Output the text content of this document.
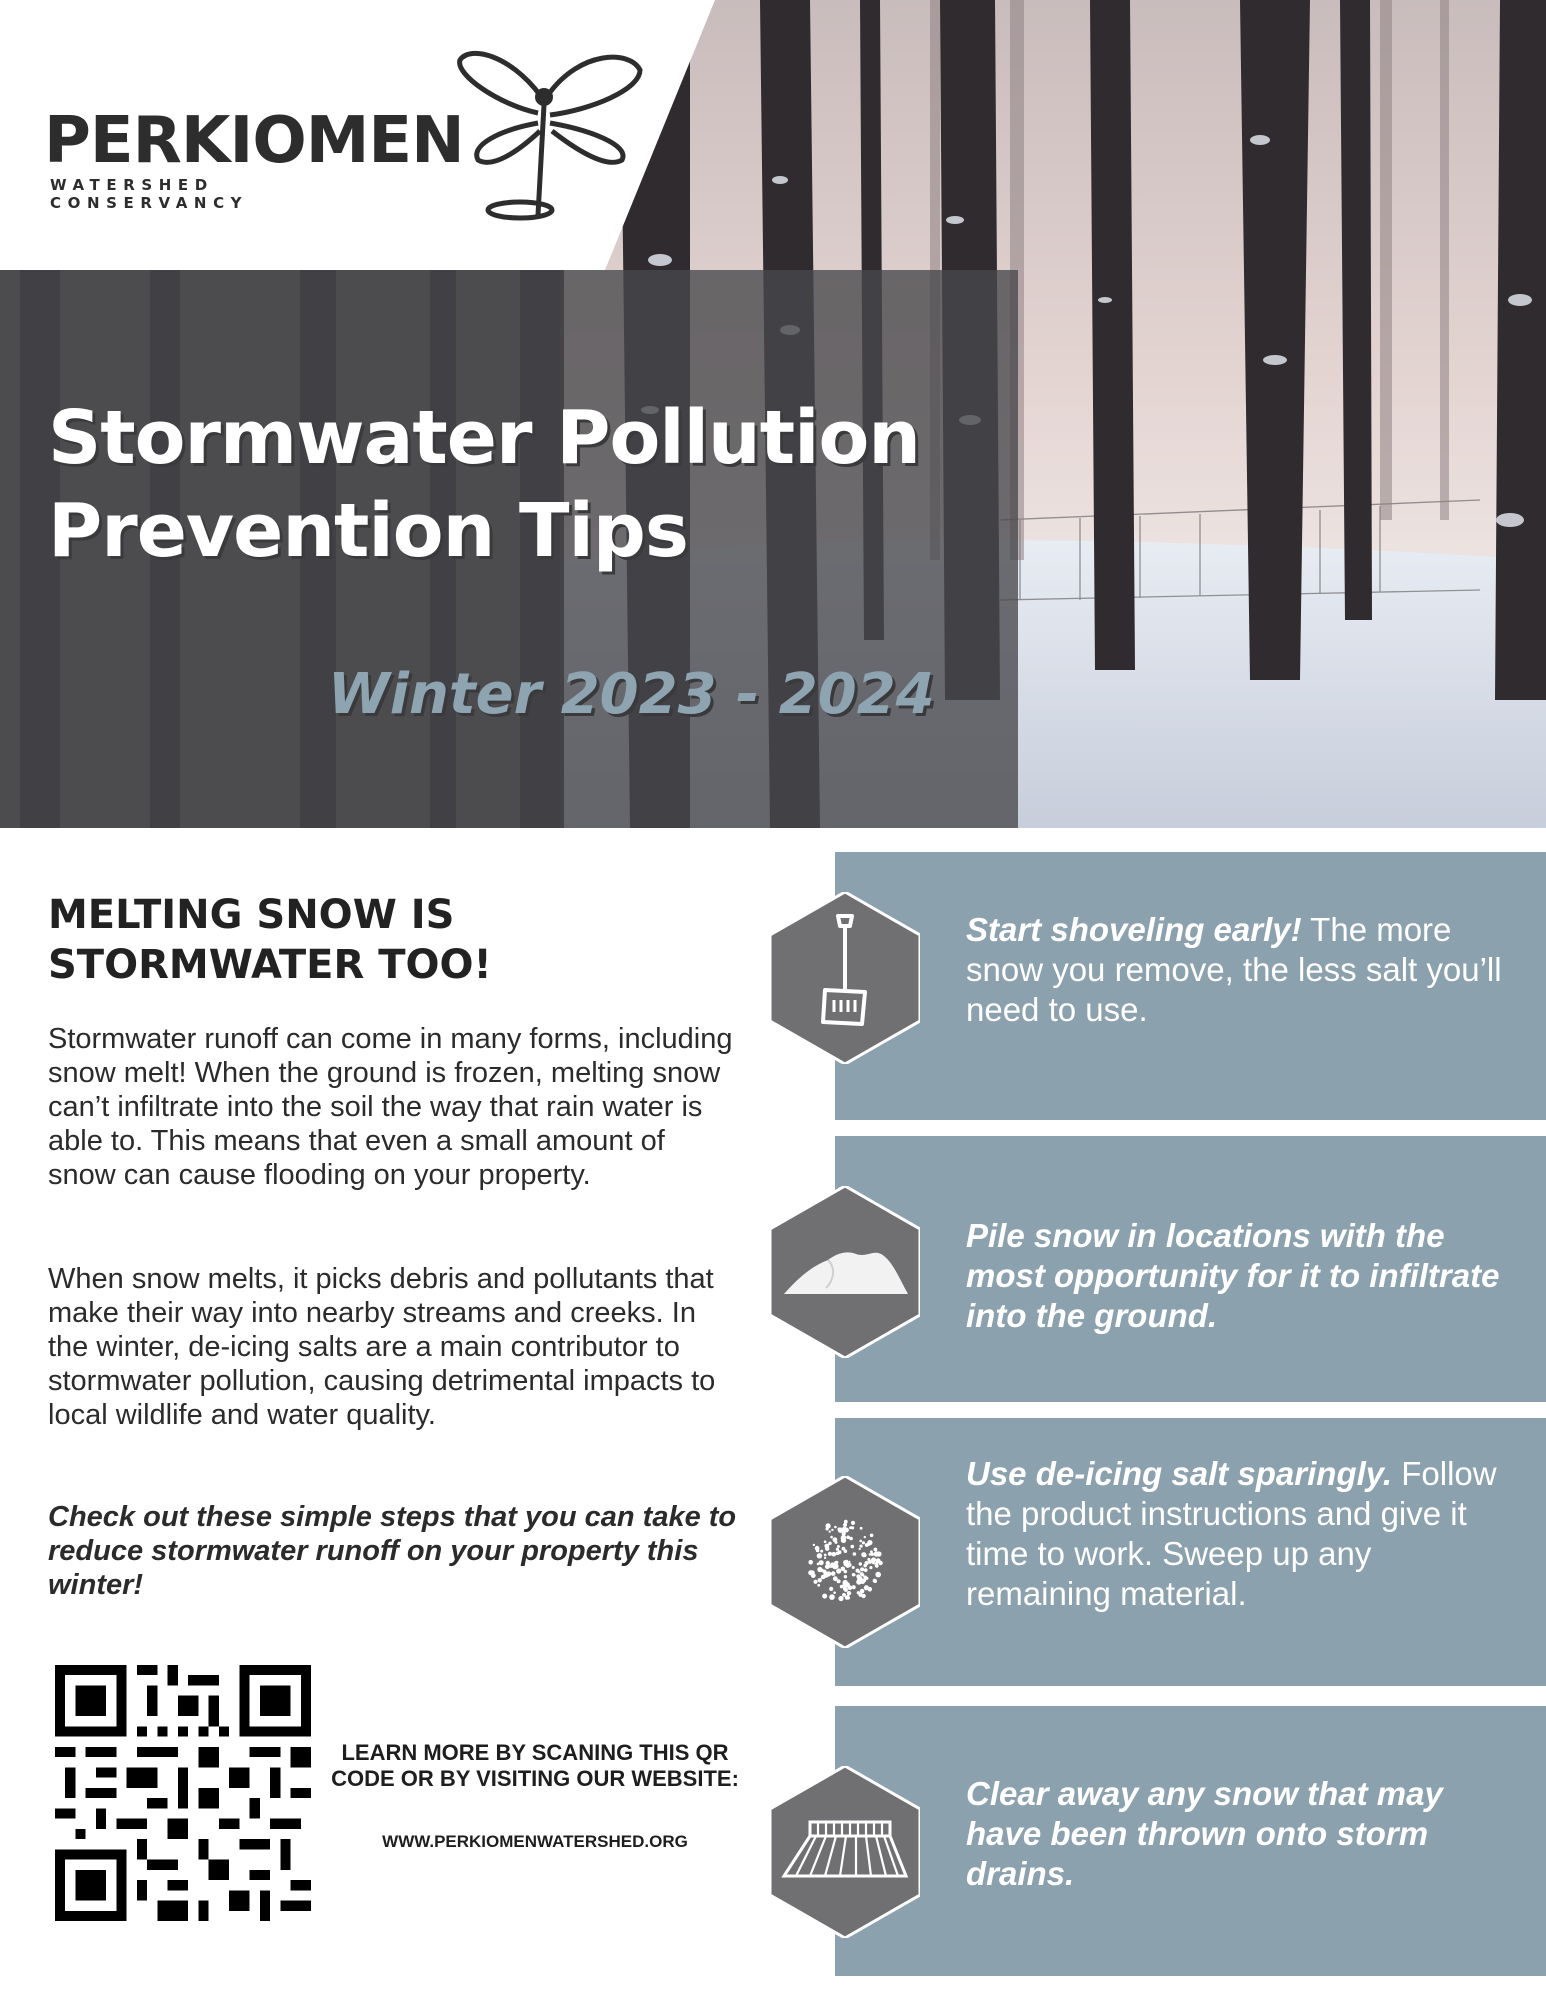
PERKIOMEN
WATERSHED CONSERVANCY
Stormwater Pollution
Prevention Tips
Winter 2023 - 2024
MELTING SNOW IS STORMWATER TOO!
Stormwater runoff can come in many forms, including snow melt! When the ground is frozen, melting snow can’t infiltrate into the soil the way that rain water is able to. This means that even a small amount of snow can cause flooding on your property.
When snow melts, it picks debris and pollutants that make their way into nearby streams and creeks. In the winter, de-icing salts are a main contributor to stormwater pollution, causing detrimental impacts to local wildlife and water quality.
Check out these simple steps that you can take to reduce stormwater runoff on your property this winter!
LEARN MORE BY SCANING THIS QR CODE OR BY VISITING OUR WEBSITE:
WWW.PERKIOMENWATERSHED.ORG
Start shoveling early! The more snow you remove, the less salt you’ll need to use.
Pile snow in locations with the most opportunity for it to infiltrate into the ground.
Use de-icing salt sparingly. Follow the product instructions and give it time to work. Sweep up any remaining material.
Clear away any snow that may have been thrown onto storm drains.
